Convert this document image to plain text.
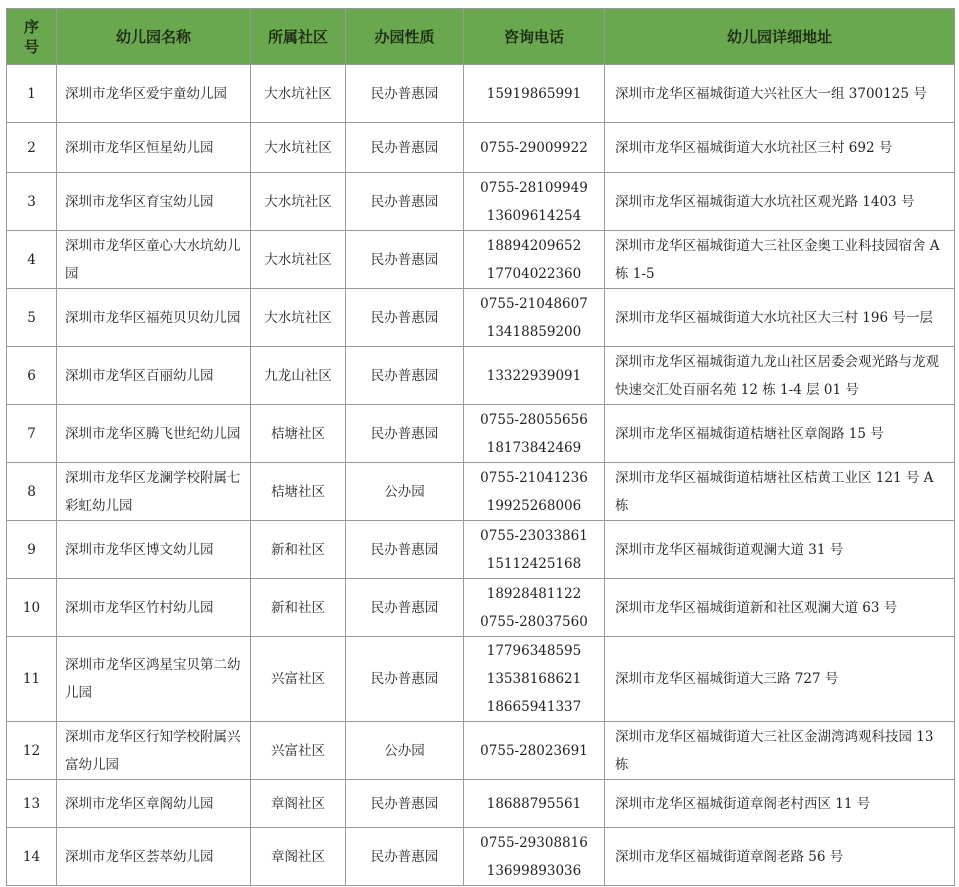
序
号	幼儿园名称	所属社区	办园性质	咨询电话	幼儿园详细地址
1	深圳市龙华区爱宇童幼儿园	大水坑社区	民办普惠园	15919865991	深圳市龙华区福城街道大兴社区大一组 3700125 号
2	深圳市龙华区恒星幼儿园	大水坑社区	民办普惠园	0755-29009922	深圳市龙华区福城街道大水坑社区三村 692 号
3	深圳市龙华区育宝幼儿园	大水坑社区	民办普惠园	0755-28109949
13609614254	深圳市龙华区福城街道大水坑社区观光路 1403 号
4	深圳市龙华区童心大水坑幼儿园	大水坑社区	民办普惠园	18894209652
17704022360	深圳市龙华区福城街道大三社区金奥工业科技园宿舍 A 栋 1-5
5	深圳市龙华区福苑贝贝幼儿园	大水坑社区	民办普惠园	0755-21048607
13418859200	深圳市龙华区福城街道大水坑社区大三村 196 号一层
6	深圳市龙华区百丽幼儿园	九龙山社区	民办普惠园	13322939091	深圳市龙华区福城街道九龙山社区居委会观光路与龙观快速交汇处百丽名苑 12 栋 1-4 层 01 号
7	深圳市龙华区腾飞世纪幼儿园	桔塘社区	民办普惠园	0755-28055656
18173842469	深圳市龙华区福城街道桔塘社区章阁路 15 号
8	深圳市龙华区龙澜学校附属七彩虹幼儿园	桔塘社区	公办园	0755-21041236
19925268006	深圳市龙华区福城街道桔塘社区桔黄工业区 121 号 A 栋
9	深圳市龙华区博文幼儿园	新和社区	民办普惠园	0755-23033861
15112425168	深圳市龙华区福城街道观澜大道 31 号
10	深圳市龙华区竹村幼儿园	新和社区	民办普惠园	18928481122
0755-28037560	深圳市龙华区福城街道新和社区观澜大道 63 号
11	深圳市龙华区鸿星宝贝第二幼儿园	兴富社区	民办普惠园	17796348595
13538168621
18665941337	深圳市龙华区福城街道大三路 727 号
12	深圳市龙华区行知学校附属兴富幼儿园	兴富社区	公办园	0755-28023691	深圳市龙华区福城街道大三社区金湖湾鸿观科技园 13 栋
13	深圳市龙华区章阁幼儿园	章阁社区	民办普惠园	18688795561	深圳市龙华区福城街道章阁老村西区 11 号
14	深圳市龙华区荟萃幼儿园	章阁社区	民办普惠园	0755-29308816
13699893036	深圳市龙华区福城街道章阁老路 56 号
